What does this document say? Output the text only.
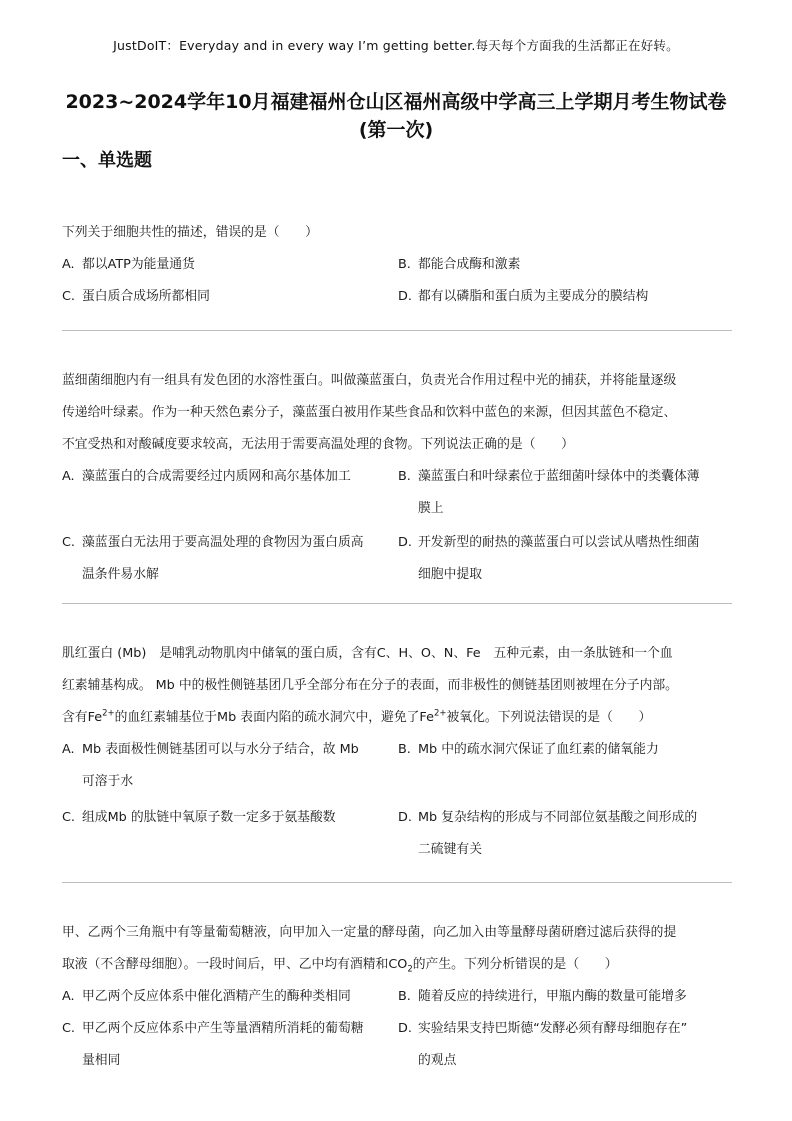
JustDoIT：Everyday and in every way I’m getting better.每天每个方面我的生活都正在好转。
2023~2024学年10月福建福州仓山区福州高级中学高三上学期月考生物试卷
(第一次)
一、单选题

下列关于细胞共性的描述，错误的是（　　）

A. 都以ATP为能量通货	B. 都能合成酶和激素
C. 蛋白质合成场所都相同	D. 都有以磷脂和蛋白质为主要成分的膜结构

蓝细菌细胞内有一组具有发色团的水溶性蛋白。叫做藻蓝蛋白，负责光合作用过程中光的捕获，并将能量逐级

传递给叶绿素。作为一种天然色素分子，藻蓝蛋白被用作某些食品和饮料中蓝色的来源，但因其蓝色不稳定、

不宜受热和对酸碱度要求较高，无法用于需要高温处理的食物。下列说法正确的是（　　）

A. 藻蓝蛋白的合成需要经过内质网和高尔基体加工	B. 藻蓝蛋白和叶绿素位于蓝细菌叶绿体中的类囊体薄
膜上
C. 藻蓝蛋白无法用于要高温处理的食物因为蛋白质高
温条件易水解
D. 开发新型的耐热的藻蓝蛋白可以尝试从嗜热性细菌
细胞中提取

肌红蛋白 (Mb)　是哺乳动物肌肉中储氧的蛋白质，含有C、H、O、N、Fe　五种元素，由一条肽链和一个血

红素辅基构成。 Mb 中的极性侧链基团几乎全部分布在分子的表面，而非极性的侧链基团则被埋在分子内部。

含有$Fe^{2+}$的血红素辅基位于Mb 表面内陷的疏水洞穴中，避免了$Fe^{2+}$被氧化。下列说法错误的是（　　）

A. Mb 表面极性侧链基团可以与水分子结合，故 Mb
可溶于水
B. Mb 中的疏水洞穴保证了血红素的储氧能力
C. 组成Mb 的肽链中氧原子数一定多于氨基酸数	D. Mb 复杂结构的形成与不同部位氨基酸之间形成的
二硫键有关

甲、乙两个三角瓶中有等量葡萄糖液，向甲加入一定量的酵母菌，向乙加入由等量酵母菌研磨过滤后获得的提

取液（不含酵母细胞）。一段时间后，甲、乙中均有酒精和$CO_2$的产生。下列分析错误的是（　　）

A. 甲乙两个反应体系中催化酒精产生的酶种类相同	B. 随着反应的持续进行，甲瓶内酶的数量可能增多
C. 甲乙两个反应体系中产生等量酒精所消耗的葡萄糖
量相同
D. 实验结果支持巴斯德“发酵必须有酵母细胞存在”
的观点
